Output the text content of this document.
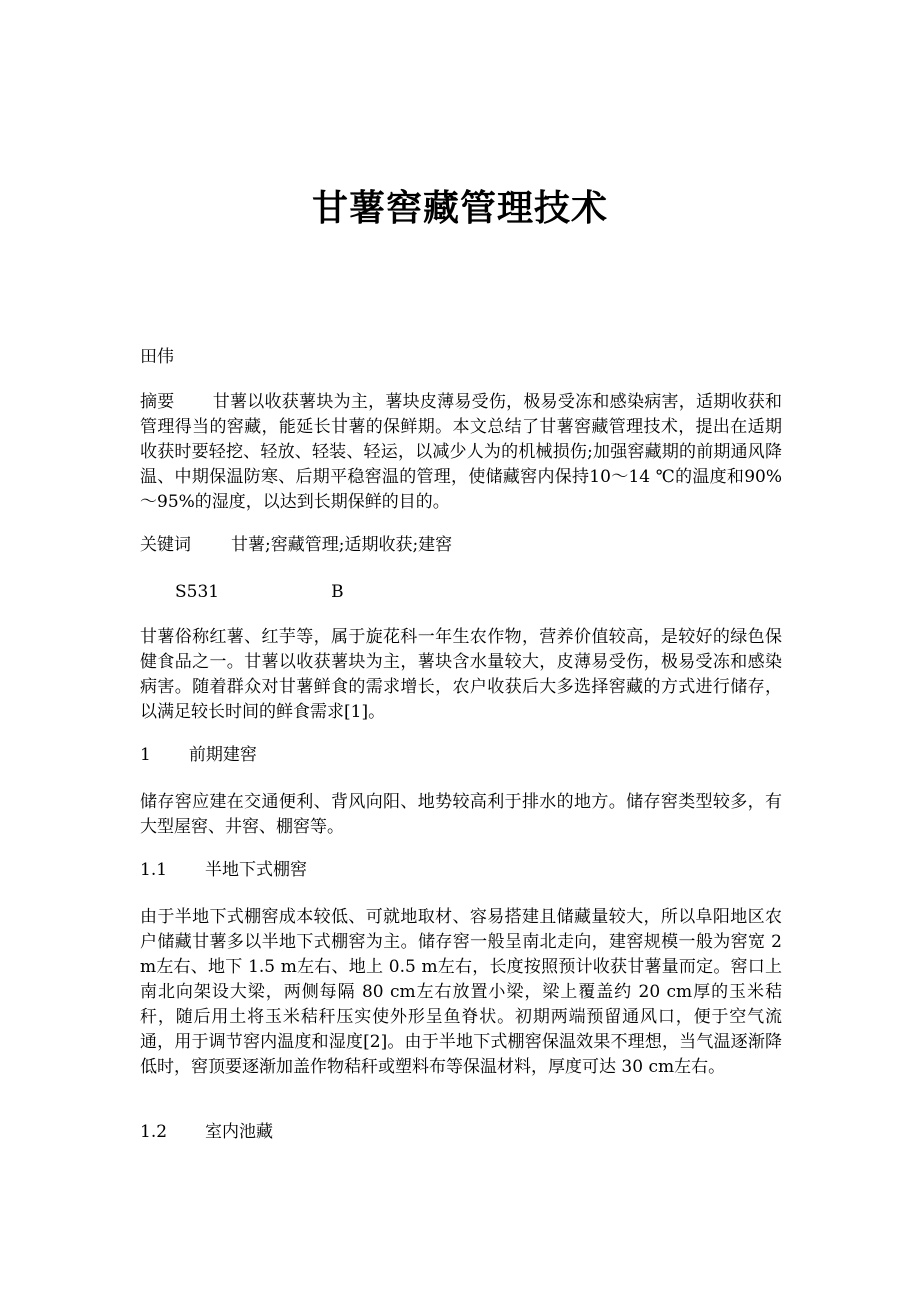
甘薯窖藏管理技术
田伟
摘要 甘薯以收获薯块为主，薯块皮薄易受伤，极易受冻和感染病害，适期收获和管理得当的窖藏，能延长甘薯的保鲜期。本文总结了甘薯窖藏管理技术，提出在适期收获时要轻挖、轻放、轻装、轻运，以减少人为的机械损伤;加强窖藏期的前期通风降温、中期保温防寒、后期平稳窖温的管理，使储藏窖内保持10～14 ℃的温度和90%～95%的湿度，以达到长期保鲜的目的。
关键词 甘薯;窖藏管理;适期收获;建窖
S531	B
甘薯俗称红薯、红芋等，属于旋花科一年生农作物，营养价值较高，是较好的绿色保健食品之一。甘薯以收获薯块为主，薯块含水量较大，皮薄易受伤，极易受冻和感染病害。随着群众对甘薯鲜食的需求增长，农户收获后大多选择窖藏的方式进行储存，以满足较长时间的鲜食需求[1]。
1 前期建窖
储存窖应建在交通便利、背风向阳、地势较高利于排水的地方。储存窖类型较多，有大型屋窖、井窖、棚窖等。
1.1 半地下式棚窖
由于半地下式棚窖成本较低、可就地取材、容易搭建且储藏量较大，所以阜阳地区农户储藏甘薯多以半地下式棚窖为主。储存窖一般呈南北走向，建窖规模一般为窖宽 2 m左右、地下 1.5 m左右、地上 0.5 m左右，长度按照预计收获甘薯量而定。窖口上南北向架设大梁，两侧每隔 80 cm左右放置小梁，梁上覆盖约 20 cm厚的玉米秸秆，随后用土将玉米秸秆压实使外形呈鱼脊状。初期两端预留通风口，便于空气流通，用于调节窖内温度和湿度[2]。由于半地下式棚窖保温效果不理想，当气温逐渐降低时，窖顶要逐渐加盖作物秸秆或塑料布等保温材料，厚度可达 30 cm左右。
1.2 室内池藏
